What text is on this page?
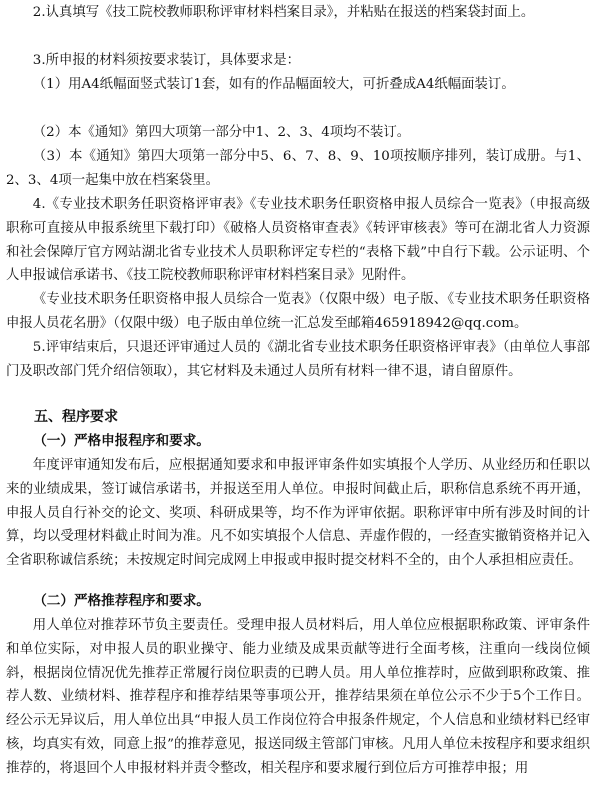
2.认真填写《技工院校教师职称评审材料档案目录》，并粘贴在报送的档案袋封面上。

3.所申报的材料须按要求装订，具体要求是：

（1）用A4纸幅面竖式装订1套，如有的作品幅面较大，可折叠成A4纸幅面装订。

（2）本《通知》第四大项第一部分中1、2、3、4项均不装订。

（3）本《通知》第四大项第一部分中5、6、7、8、9、10项按顺序排列，装订成册。与1、2、3、4项一起集中放在档案袋里。

4.《专业技术职务任职资格评审表》《专业技术职务任职资格申报人员综合一览表》（申报高级职称可直接从申报系统里下载打印）《破格人员资格审查表》《转评审核表》等可在湖北省人力资源和社会保障厅官方网站湖北省专业技术人员职称评定专栏的“表格下载”中自行下载。公示证明、个人申报诚信承诺书、《技工院校教师职称评审材料档案目录》见附件。

《专业技术职务任职资格申报人员综合一览表》（仅限中级）电子版、《专业技术职务任职资格申报人员花名册》（仅限中级）电子版由单位统一汇总发至邮箱465918942@qq.com。

5.评审结束后，只退还评审通过人员的《湖北省专业技术职务任职资格评审表》（由单位人事部门及职改部门凭介绍信领取），其它材料及未通过人员所有材料一律不退，请自留原件。

五、程序要求

（一）严格申报程序和要求。

年度评审通知发布后，应根据通知要求和申报评审条件如实填报个人学历、从业经历和任职以来的业绩成果，签订诚信承诺书，并报送至用人单位。申报时间截止后，职称信息系统不再开通，申报人员自行补交的论文、奖项、科研成果等，均不作为评审依据。职称评审中所有涉及时间的计算，均以受理材料截止时间为准。凡不如实填报个人信息、弄虚作假的，一经查实撤销资格并记入全省职称诚信系统；未按规定时间完成网上申报或申报时提交材料不全的，由个人承担相应责任。

（二）严格推荐程序和要求。

用人单位对推荐环节负主要责任。受理申报人员材料后，用人单位应根据职称政策、评审条件和单位实际，对申报人员的职业操守、能力业绩及成果贡献等进行全面考核，注重向一线岗位倾斜，根据岗位情况优先推荐正常履行岗位职责的已聘人员。用人单位推荐时，应做到职称政策、推荐人数、业绩材料、推荐程序和推荐结果等事项公开，推荐结果须在单位公示不少于5个工作日。经公示无异议后，用人单位出具“申报人员工作岗位符合申报条件规定，个人信息和业绩材料已经审核，均真实有效，同意上报”的推荐意见，报送同级主管部门审核。凡用人单位未按程序和要求组织推荐的，将退回个人申报材料并责令整改，相关程序和要求履行到位后方可推荐申报；用
